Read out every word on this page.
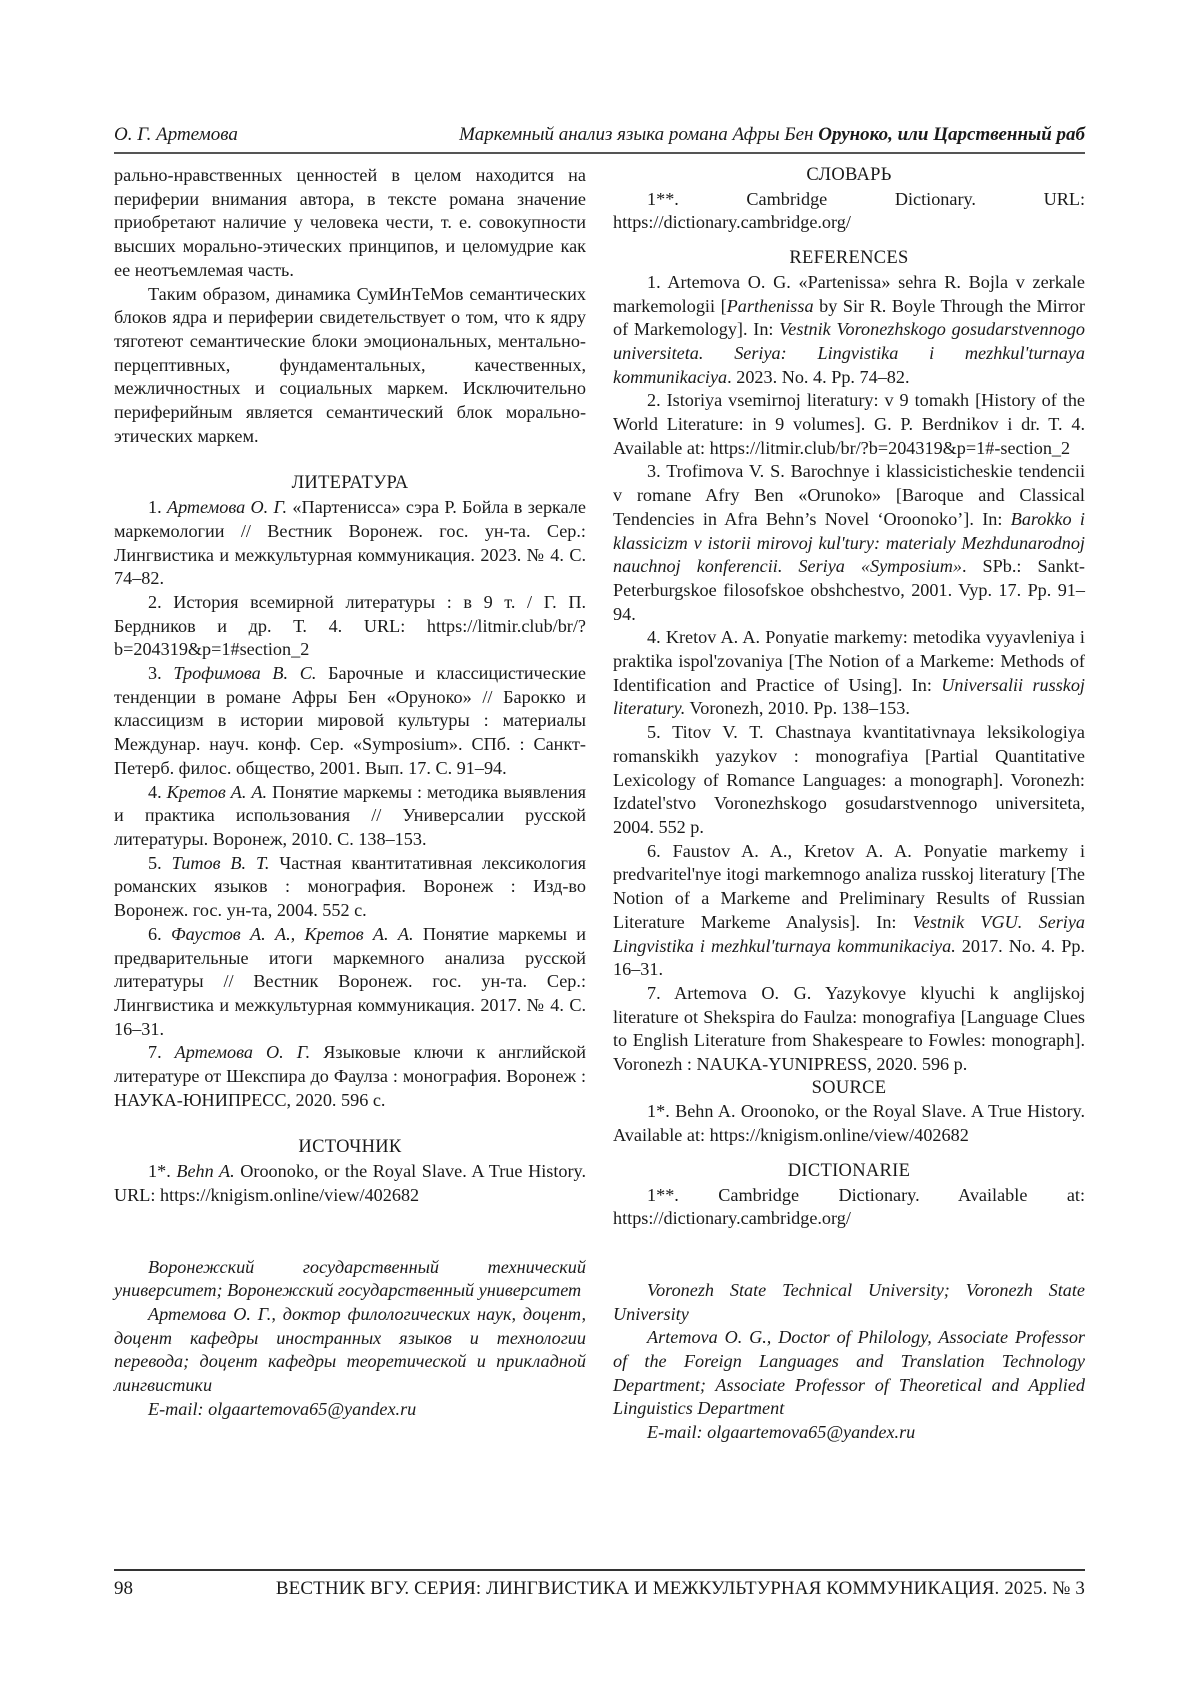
О. Г. Артемова	Маркемный анализ языка романа Афры Бен Оруноко, или Царственный раб

рально-нравственных ценностей в целом находится на периферии внимания автора, в тексте романа значение приобретают наличие у человека чести, т. е. совокупности высших морально-этических принципов, и целомудрие как ее неотъемлемая часть.

Таким образом, динамика СумИнТеМов семантических блоков ядра и периферии свидетельствует о том, что к ядру тяготеют семантические блоки эмоциональных, ментально-перцептивных, фундаментальных, качественных, межличностных и социальных маркем. Исключительно периферийным является семантический блок морально-этических маркем.

ЛИТЕРАТУРА

1. Артемова О. Г. «Партенисса» сэра Р. Бойла в зеркале маркемологии // Вестник Воронеж. гос. ун-та. Сер.: Лингвистика и межкультурная коммуникация. 2023. № 4. С. 74–82.

2. История всемирной литературы : в 9 т. / Г. П. Бердников и др. Т. 4. URL: https://litmir.club/br/?b=204319&p=1#section_2

3. Трофимова В. С. Барочные и классицистические тенденции в романе Афры Бен «Оруноко» // Барокко и классицизм в истории мировой культуры : материалы Междунар. науч. конф. Сер. «Symposium». СПб. : Санкт-Петерб. филос. общество, 2001. Вып. 17. С. 91–94.

4. Кретов А. А. Понятие маркемы : методика выявления и практика использования // Универсалии русской литературы. Воронеж, 2010. С. 138–153.

5. Титов В. Т. Частная квантитативная лексикология романских языков : монография. Воронеж : Изд-во Воронеж. гос. ун-та, 2004. 552 с.

6. Фаустов А. А., Кретов А. А. Понятие маркемы и предварительные итоги маркемного анализа русской литературы // Вестник Воронеж. гос. ун-та. Сер.: Лингвистика и межкультурная коммуникация. 2017. № 4. С. 16–31.

7. Артемова О. Г. Языковые ключи к английской литературе от Шекспира до Фаулза : монография. Воронеж : НАУКА-ЮНИПРЕСС, 2020. 596 с.

ИСТОЧНИК

1*. Behn A. Oroonoko, or the Royal Slave. A True History. URL: https://knigism.online/view/402682

Воронежский государственный технический университет; Воронежский государственный университет

Артемова О. Г., доктор филологических наук, доцент, доцент кафедры иностранных языков и технологии перевода; доцент кафедры теоретической и прикладной лингвистики

E-mail: olgaartemova65@yandex.ru

СЛОВАРЬ

1**. Cambridge Dictionary. URL: https://dictionary.cambridge.org/

REFERENCES

1. Artemova O. G. «Partenissa» sehra R. Bojla v zerkale markemologii [Parthenissa by Sir R. Boyle Through the Mirror of Markemology]. In: Vestnik Voronezhskogo gosudarstvennogo universiteta. Seriya: Lingvistika i mezhkul'turnaya kommunikaciya. 2023. No. 4. Pp. 74–82.

2. Istoriya vsemirnoj literatury: v 9 tomakh [History of the World Literature: in 9 volumes]. G. P. Berdnikov i dr. T. 4. Available at: https://litmir.club/br/?b=204319&p=1#-section_2

3. Trofimova V. S. Barochnye i klassicisticheskie tendencii v romane Afry Ben «Orunoko» [Baroque and Classical Tendencies in Afra Behn’s Novel ‘Oroonoko’]. In: Barokko i klassicizm v istorii mirovoj kul'tury: materialy Mezhdunarodnoj nauchnoj konferencii. Seriya «Symposium». SPb.: Sankt-Peterburgskoe filosofskoe obshchestvo, 2001. Vyp. 17. Pp. 91–94.

4. Kretov A. A. Ponyatie markemy: metodika vyyavleniya i praktika ispol'zovaniya [The Notion of a Markeme: Methods of Identification and Practice of Using]. In: Universalii russkoj literatury. Voronezh, 2010. Pp. 138–153.

5. Titov V. T. Chastnaya kvantitativnaya leksikologiya romanskikh yazykov : monografiya [Partial Quantitative Lexicology of Romance Languages: a monograph]. Voronezh: Izdatel'stvo Voronezhskogo gosudarstvennogo universiteta, 2004. 552 p.

6. Faustov A. A., Kretov A. A. Ponyatie markemy i predvaritel'nye itogi markemnogo analiza russkoj literatury [The Notion of a Markeme and Preliminary Results of Russian Literature Markeme Analysis]. In: Vestnik VGU. Seriya Lingvistika i mezhkul'turnaya kommunikaciya. 2017. No. 4. Pp. 16–31.

7. Artemova O. G. Yazykovye klyuchi k anglijskoj literature ot Shekspira do Faulza: monografiya [Language Clues to English Literature from Shakespeare to Fowles: monograph]. Voronezh : NAUKA-YUNIPRESS, 2020. 596 p.

SOURCE

1*. Behn A. Oroonoko, or the Royal Slave. A True History. Available at: https://knigism.online/view/402682

DICTIONARIE

1**. Cambridge Dictionary. Available at: https://dictionary.cambridge.org/

Voronezh State Technical University; Voronezh State University

Artemova O. G., Doctor of Philology, Associate Professor of the Foreign Languages and Translation Technology Department; Associate Professor of Theoretical and Applied Linguistics Department

E-mail: olgaartemova65@yandex.ru

98	ВЕСТНИК ВГУ. СЕРИЯ: ЛИНГВИСТИКА И МЕЖКУЛЬТУРНАЯ КОММУНИКАЦИЯ. 2025. № 3
